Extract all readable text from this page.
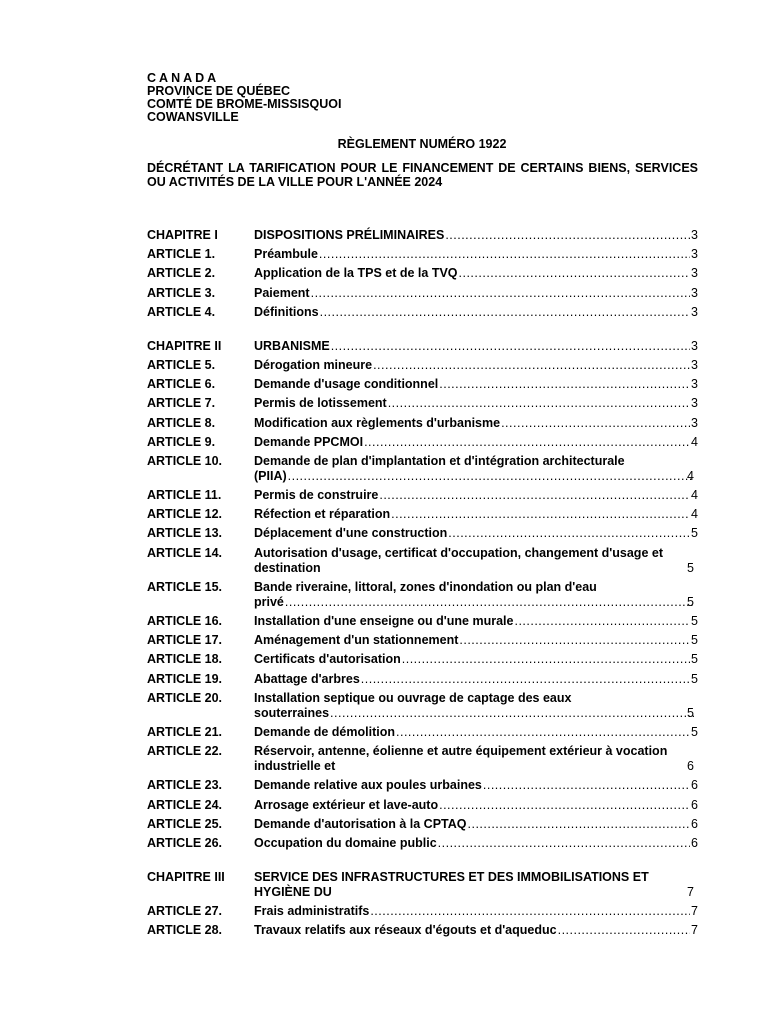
C A N A D A
PROVINCE DE QUÉBEC
COMTÉ DE BROME-MISSISQUOI
COWANSVILLE
RÈGLEMENT NUMÉRO 1922
DÉCRÉTANT LA TARIFICATION POUR LE FINANCEMENT DE CERTAINS BIENS, SERVICES OU ACTIVITÉS DE LA VILLE POUR L'ANNÉE 2024
CHAPITRE I	DISPOSITIONS PRÉLIMINAIRES .....	3
ARTICLE 1.	Préambule .....	3
ARTICLE 2.	Application de la TPS et de la TVQ .....	3
ARTICLE 3.	Paiement .....	3
ARTICLE 4.	Définitions .....	3
CHAPITRE II	URBANISME .....	3
ARTICLE 5.	Dérogation mineure .....	3
ARTICLE 6.	Demande d'usage conditionnel .....	3
ARTICLE 7.	Permis de lotissement .....	3
ARTICLE 8.	Modification aux règlements d'urbanisme .....	3
ARTICLE 9.	Demande PPCMOI .....	4
ARTICLE 10.	Demande de plan d'implantation et d'intégration architecturale (PIIA) .....	4
ARTICLE 11.	Permis de construire .....	4
ARTICLE 12.	Réfection et réparation .....	4
ARTICLE 13.	Déplacement d'une construction .....	5
ARTICLE 14.	Autorisation d'usage, certificat d'occupation, changement d'usage et destination	5
ARTICLE 15.	Bande riveraine, littoral, zones d'inondation ou plan d'eau privé .....	5
ARTICLE 16.	Installation d'une enseigne ou d'une murale .....	5
ARTICLE 17.	Aménagement d'un stationnement .....	5
ARTICLE 18.	Certificats d'autorisation .....	5
ARTICLE 19.	Abattage d'arbres .....	5
ARTICLE 20.	Installation septique ou ouvrage de captage des eaux souterraines .....	5
ARTICLE 21.	Demande de démolition .....	5
ARTICLE 22.	Réservoir, antenne, éolienne et autre équipement extérieur à vocation industrielle et	6
ARTICLE 23.	Demande relative aux poules urbaines .....	6
ARTICLE 24.	Arrosage extérieur et lave-auto .....	6
ARTICLE 25.	Demande d'autorisation à la CPTAQ .....	6
ARTICLE 26.	Occupation du domaine public .....	6
CHAPITRE III	SERVICE DES INFRASTRUCTURES ET DES IMMOBILISATIONS ET HYGIÈNE DU	7
ARTICLE 27.	Frais administratifs .....	7
ARTICLE 28.	Travaux relatifs aux réseaux d'égouts et d'aqueduc .....	7
